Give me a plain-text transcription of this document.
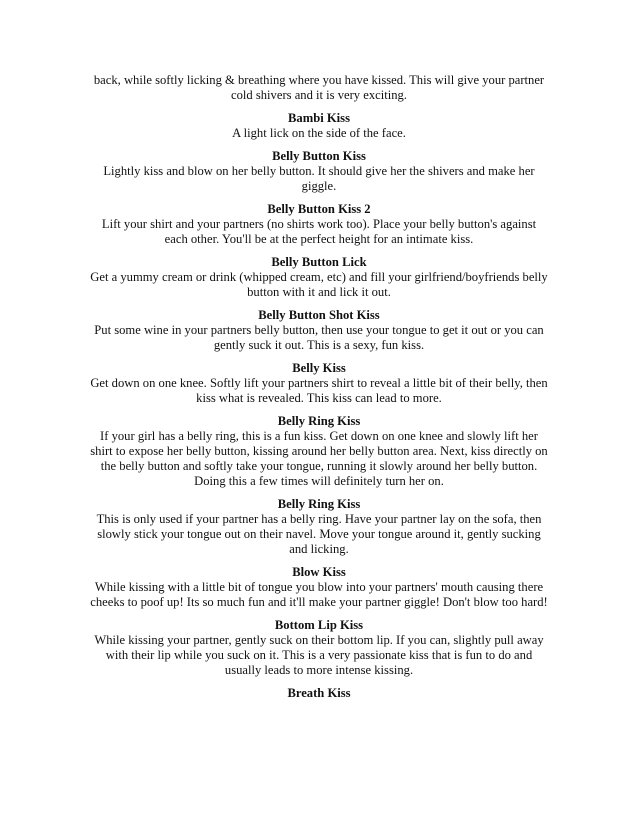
back, while softly licking & breathing where you have kissed. This will give your partner cold shivers and it is very exciting.
Bambi Kiss
A light lick on the side of the face.
Belly Button Kiss
Lightly kiss and blow on her belly button. It should give her the shivers and make her giggle.
Belly Button Kiss 2
Lift your shirt and your partners (no shirts work too). Place your belly button's against each other. You'll be at the perfect height for an intimate kiss.
Belly Button Lick
Get a yummy cream or drink (whipped cream, etc) and fill your girlfriend/boyfriends belly button with it and lick it out.
Belly Button Shot Kiss
Put some wine in your partners belly button, then use your tongue to get it out or you can gently suck it out. This is a sexy, fun kiss.
Belly Kiss
Get down on one knee. Softly lift your partners shirt to reveal a little bit of their belly, then kiss what is revealed. This kiss can lead to more.
Belly Ring Kiss
If your girl has a belly ring, this is a fun kiss. Get down on one knee and slowly lift her shirt to expose her belly button, kissing around her belly button area. Next, kiss directly on the belly button and softly take your tongue, running it slowly around her belly button. Doing this a few times will definitely turn her on.
Belly Ring Kiss
This is only used if your partner has a belly ring. Have your partner lay on the sofa, then slowly stick your tongue out on their navel. Move your tongue around it, gently sucking and licking.
Blow Kiss
While kissing with a little bit of tongue you blow into your partners' mouth causing there cheeks to poof up! Its so much fun and it'll make your partner giggle! Don't blow too hard!
Bottom Lip Kiss
While kissing your partner, gently suck on their bottom lip. If you can, slightly pull away with their lip while you suck on it. This is a very passionate kiss that is fun to do and usually leads to more intense kissing.
Breath Kiss
